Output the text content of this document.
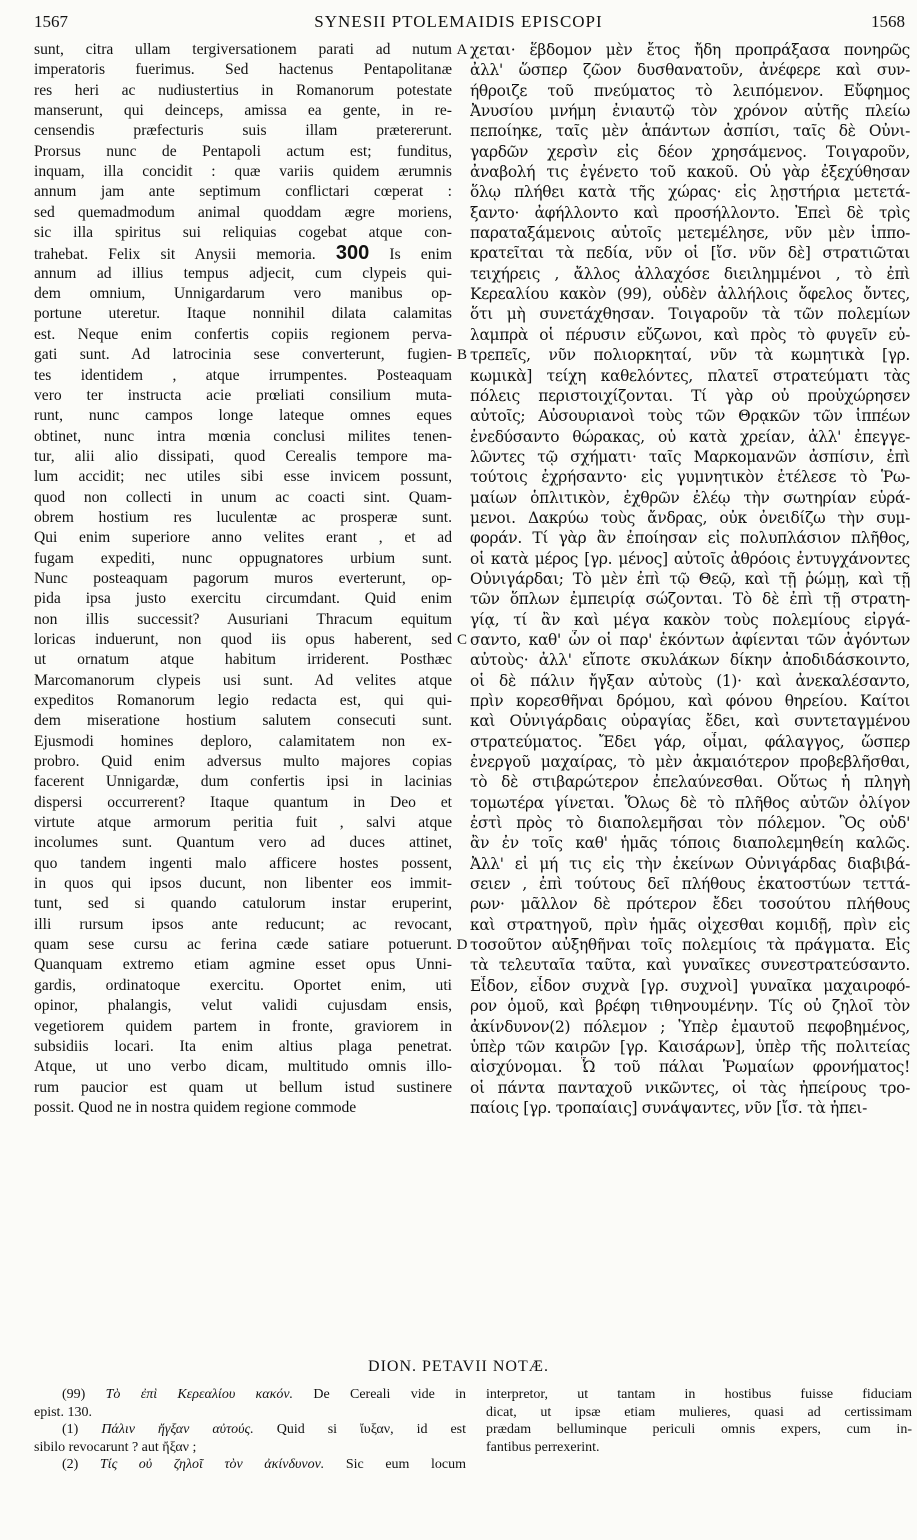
1567	SYNESII PTOLEMAIDIS EPISCOPI	1568
sunt, citra ullam tergiversationem parati ad nutum
imperatoris fuerimus. Sed hactenus Pentapolitanæ
res heri ac nudiustertius in Romanorum potestate
manserunt, qui deinceps, amissa ea gente, in re-
censendis præfecturis suis illam prætererunt.
Prorsus nunc de Pentapoli actum est; funditus,
inquam, illa concidit : quæ variis quidem ærumnis
annum jam ante septimum conflictari cœperat :
sed quemadmodum animal quoddam ægre moriens,
sic illa spiritus sui reliquias cogebat atque con-
trahebat. Felix sit Anysii memoria. 300 Is enim
annum ad illius tempus adjecit, cum clypeis qui-
dem omnium, Unnigardarum vero manibus op-
portune uteretur. Itaque nonnihil dilata calamitas
est. Neque enim confertis copiis regionem perva-
gati sunt. Ad latrocinia sese converterunt, fugien-
tes identidem , atque irrumpentes. Posteaquam
vero ter instructa acie prœliati consilium muta-
runt, nunc campos longe lateque omnes eques
obtinet, nunc intra mœnia conclusi milites tenen-
tur, alii alio dissipati, quod Cerealis tempore ma-
lum accidit; nec utiles sibi esse invicem possunt,
quod non collecti in unum ac coacti sint. Quam-
obrem hostium res luculentæ ac prosperæ sunt.
Qui enim superiore anno velites erant , et ad
fugam expediti, nunc oppugnatores urbium sunt.
Nunc posteaquam pagorum muros everterunt, op-
pida ipsa justo exercitu circumdant. Quid enim
non illis successit? Ausuriani Thracum equitum
loricas induerunt, non quod iis opus haberent, sed
ut ornatum atque habitum irriderent. Posthæc
Marcomanorum clypeis usi sunt. Ad velites atque
expeditos Romanorum legio redacta est, qui qui-
dem miseratione hostium salutem consecuti sunt.
Ejusmodi homines deploro, calamitatem non ex-
probro. Quid enim adversus multo majores copias
facerent Unnigardæ, dum confertis ipsi in lacinias
dispersi occurrerent? Itaque quantum in Deo et
virtute atque armorum peritia fuit , salvi atque
incolumes sunt. Quantum vero ad duces attinet,
quo tandem ingenti malo afficere hostes possent,
in quos qui ipsos ducunt, non libenter eos immit-
tunt, sed si quando catulorum instar eruperint,
illi rursum ipsos ante reducunt; ac revocant,
quam sese cursu ac ferina cæde satiare potuerunt.
Quanquam extremo etiam agmine esset opus Unni-
gardis, ordinatoque exercitu. Oportet enim, uti
opinor, phalangis, velut validi cujusdam ensis,
vegetiorem quidem partem in fronte, graviorem in
subsidiis locari. Ita enim altius plaga penetrat.
Atque, ut uno verbo dicam, multitudo omnis illo-
rum paucior est quam ut bellum istud sustinere
possit. Quod ne in nostra quidem regione commode
A
B
C
D
χεται· ἕβδομον μὲν ἔτος ἤδη προπράξασα πονηρῶς
ἀλλ' ὥσπερ ζῶον δυσθανατοῦν, ἀνέφερε καὶ συν-
ήθροιζε τοῦ πνεύματος τὸ λειπόμενον. Εὔφημος
Ἀνυσίου μνήμη ἐνιαυτῷ τὸν χρόνον αὐτῆς πλείω
πεποίηκε, ταῖς μὲν ἁπάντων ἀσπίσι, ταῖς δὲ Οὐνι-
γαρδῶν χερσὶν εἰς δέον χρησάμενος. Τοιγαροῦν,
ἀναβολή τις ἐγένετο τοῦ κακοῦ. Οὐ γὰρ ἐξεχύθησαν
ὅλῳ πλήθει κατὰ τῆς χώρας· εἰς λῃστήρια μετετά-
ξαντο· ἀφήλλοντο καὶ προσήλλοντο. Ἐπεὶ δὲ τρὶς
παραταξάμενοις αὐτοῖς μετεμέλησε, νῦν μὲν ἱππο-
κρατεῖται τὰ πεδία, νῦν οἱ [ἴσ. νῦν δὲ] στρατιῶται
τειχήρεις , ἄλλος ἀλλαχόσε διειλημμένοι , τὸ ἐπὶ
Κερεαλίου κακὸν (99), οὐδὲν ἀλλήλοις ὄφελος ὄντες,
ὅτι μὴ συνετάχθησαν. Τοιγαροῦν τὰ τῶν πολεμίων
λαμπρὰ οἱ πέρυσιν εὔζωνοι, καὶ πρὸς τὸ φυγεῖν εὐ-
τρεπεῖς, νῦν πολιορκηταί, νῦν τὰ κωμητικὰ [γρ.
κωμικὰ] τείχη καθελόντες, πλατεῖ στρατεύματι τὰς
πόλεις περιστοιχίζονται. Τί γὰρ οὐ προὐχώρησεν
αὐτοῖς; Αὐσουριανοὶ τοὺς τῶν Θρᾳκῶν τῶν ἱππέων
ἐνεδύσαντο θώρακας, οὐ κατὰ χρείαν, ἀλλ' ἐπεγγε-
λῶντες τῷ σχήματι· ταῖς Μαρκομανῶν ἀσπίσιν, ἐπὶ
τούτοις ἐχρήσαντο· εἰς γυμνητικὸν ἐτέλεσε τὸ Ῥω-
μαίων ὁπλιτικὸν, ἐχθρῶν ἐλέῳ τὴν σωτηρίαν εὑρά-
μενοι. Δακρύω τοὺς ἄνδρας, οὐκ ὀνειδίζω τὴν συμ-
φοράν. Τί γὰρ ἂν ἐποίησαν εἰς πολυπλάσιον πλῆθος,
οἱ κατὰ μέρος [γρ. μένος] αὐτοῖς ἀθρόοις ἐντυγχάνοντες
Οὐνιγάρδαι; Τὸ μὲν ἐπὶ τῷ Θεῷ, καὶ τῇ ῥώμῃ, καὶ τῇ
τῶν ὅπλων ἐμπειρίᾳ σώζονται. Τὸ δὲ ἐπὶ τῇ στρατη-
γίᾳ, τί ἂν καὶ μέγα κακὸν τοὺς πολεμίους εἰργά-
σαντο, καθ' ὧν οἱ παρ' ἑκόντων ἀφίενται τῶν ἀγόντων
αὐτοὺς· ἀλλ' εἴποτε σκυλάκων δίκην ἀποδιδάσκοιντο,
οἱ δὲ πάλιν ἤγξαν αὐτοὺς (1)· καὶ ἀνεκαλέσαντο,
πρὶν κορεσθῆναι δρόμου, καὶ φόνου θηρείου. Καίτοι
καὶ Οὐνιγάρδαις οὐραγίας ἔδει, καὶ συντεταγμένου
στρατεύματος. Ἔδει γάρ, οἶμαι, φάλαγγος, ὥσπερ
ἐνεργοῦ μαχαίρας, τὸ μὲν ἀκμαιότερον προβεβλῆσθαι,
τὸ δὲ στιβαρώτερον ἐπελαύνεσθαι. Οὕτως ἡ πληγὴ
τομωτέρα γίνεται. Ὅλως δὲ τὸ πλῆθος αὐτῶν ὀλίγον
ἐστὶ πρὸς τὸ διαπολεμῆσαι τὸν πόλεμον. Ὃς οὐδ'
ἂν ἐν τοῖς καθ' ἡμᾶς τόποις διαπολεμηθείη καλῶς.
Ἀλλ' εἰ μή τις εἰς τὴν ἐκείνων Οὐνιγάρδας διαβιβά-
σειεν , ἐπὶ τούτους δεῖ πλήθους ἑκατοστύων τεττά-
ρων· μᾶλλον δὲ πρότερον ἔδει τοσούτου πλήθους
καὶ στρατηγοῦ, πρὶν ἡμᾶς οἰχεσθαι κομιδῇ, πρὶν εἰς
τοσοῦτον αὐξηθῆναι τοῖς πολεμίοις τὰ πράγματα. Εἰς
τὰ τελευταῖα ταῦτα, καὶ γυναῖκες συνεστρατεύσαντο.
Εἶδον, εἶδον συχνὰ [γρ. συχνοὶ] γυναῖκα μαχαιροφό-
ρον ὁμοῦ, καὶ βρέφη τιθηνουμένην. Τίς οὐ ζηλοῖ τὸν
ἀκίνδυνον(2) πόλεμον ; Ὑπὲρ ἐμαυτοῦ πεφοβημένος,
ὑπὲρ τῶν καιρῶν [γρ. Καισάρων], ὑπὲρ τῆς πολιτείας
αἰσχύνομαι. Ὦ τοῦ πάλαι Ῥωμαίων φρονήματος!
οἱ πάντα πανταχοῦ νικῶντες, οἱ τὰς ἠπείρους τρο-
παίοις [γρ. τροπαίαις] συνάψαντες, νῦν [ἴσ. τὰ ἠπει-
DION. PETAVII NOTÆ.
(99) Τὸ ἐπὶ Κερεαλίου κακόν. De Cereali vide in
epist. 130.
(1) Πάλιν ἤγξαν αὐτούς. Quid si ἴυξαν, id est
sibilo revocarunt ? aut ἤξαν ;
(2) Τίς οὐ ζηλοῖ τὸν ἀκίνδυνον. Sic eum locum
interpretor, ut tantam in hostibus fuisse fiduciam
dicat, ut ipsæ etiam mulieres, quasi ad certissimam
prædam belluminque periculi omnis expers, cum in-
fantibus perrexerint.
